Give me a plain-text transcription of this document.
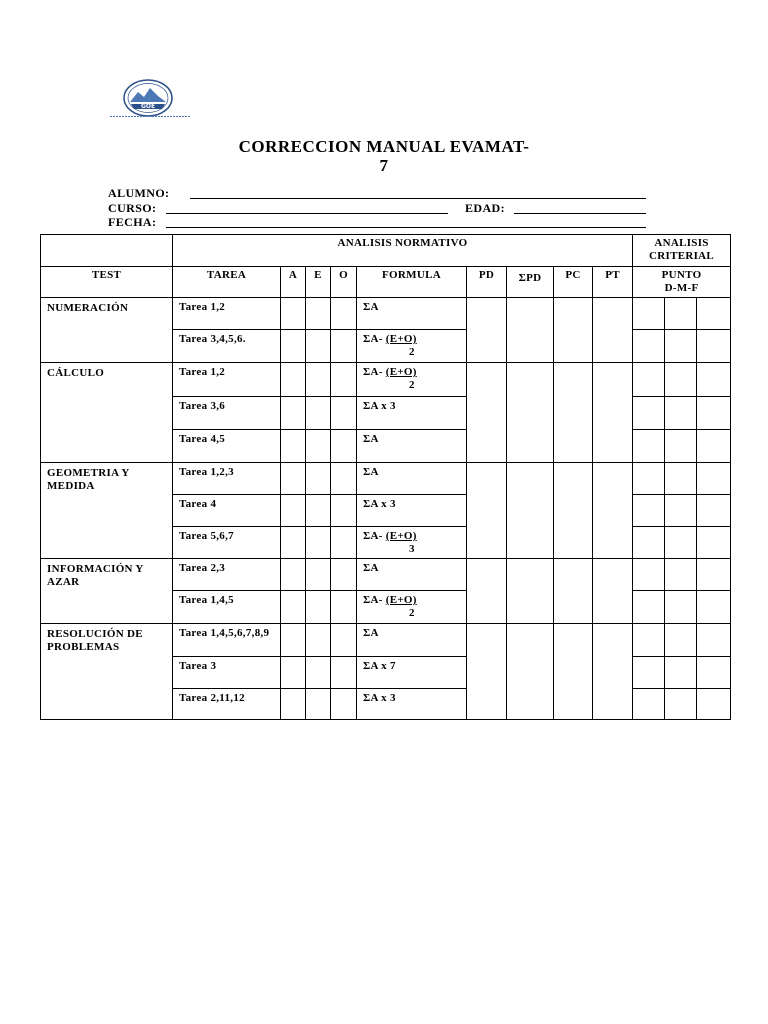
GOE
CORRECCION MANUAL EVAMAT-
7
ALUMNO:
CURSO:	EDAD:
FECHA:
	ANALISIS NORMATIVO									ANALISIS CRITERIAL		
TEST	TAREA	A	E	O	FORMULA	PD	ΣPD	PC	PT	PUNTO
D-M-F		

NUMERACIÓN	Tarea 1,2				ΣA							
	Tarea 3,4,5,6.				ΣA- (E+O)
2							

CÁLCULO	Tarea 1,2				ΣA- (E+O)
2							

	Tarea 3,6				ΣA x 3							
	Tarea 4,5				ΣA							
GEOMETRIA Y MEDIDA	Tarea 1,2,3				ΣA							
	Tarea 4				ΣA x 3							
	Tarea 5,6,7				ΣA- (E+O)
3							

INFORMACIÓN Y AZAR	Tarea 2,3				ΣA							
	Tarea 1,4,5				ΣA- (E+O)
2							

RESOLUCIÓN DE PROBLEMAS	Tarea 1,4,5,6,7,8,9				ΣA							
	Tarea 3				ΣA x 7							
	Tarea 2,11,12				ΣA x 3							
